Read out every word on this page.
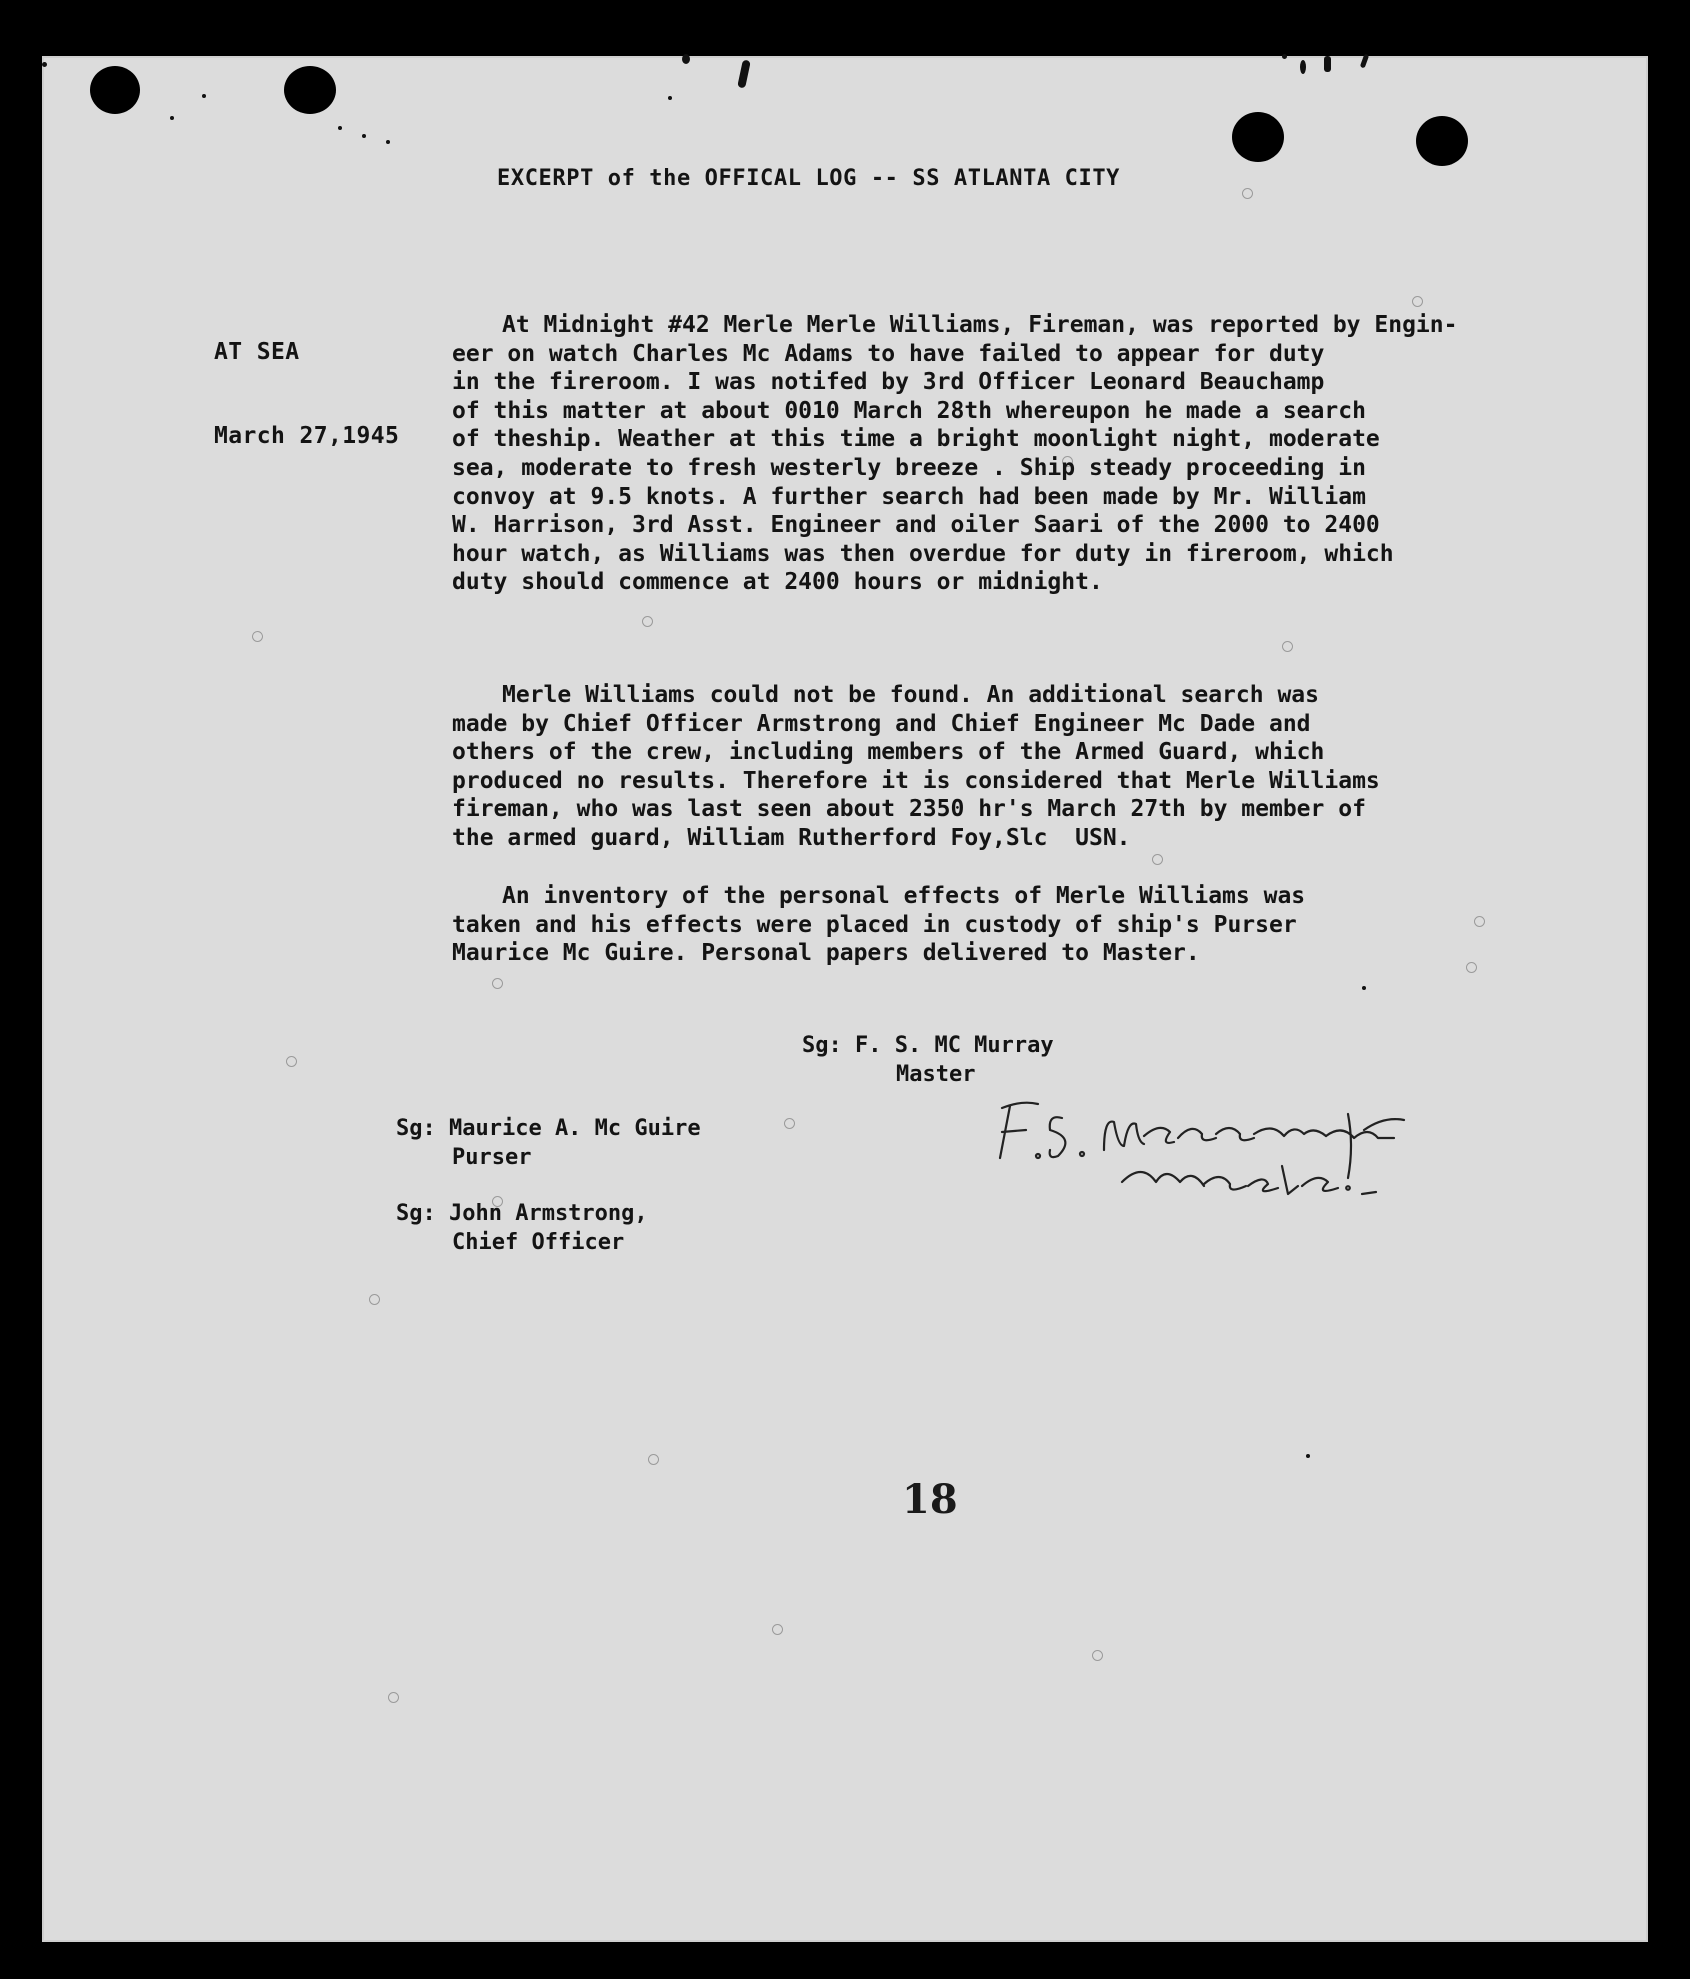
EXCERPT of the OFFICAL LOG -- SS ATLANTA CITY

AT SEA

March 27,1945

At Midnight #42 Merle Merle Williams, Fireman, was reported by Engin-
eer on watch Charles Mc Adams to have failed to appear for duty
in the fireroom. I was notifed by 3rd Officer Leonard Beauchamp
of this matter at about 0010 March 28th whereupon he made a search
of theship. Weather at this time a bright moonlight night, moderate
sea, moderate to fresh westerly breeze . Ship steady proceeding in
convoy at 9.5 knots. A further search had been made by Mr. William
W. Harrison, 3rd Asst. Engineer and oiler Saari of the 2000 to 2400
hour watch, as Williams was then overdue for duty in fireroom, which
duty should commence at 2400 hours or midnight.
Merle Williams could not be found. An additional search was
made by Chief Officer Armstrong and Chief Engineer Mc Dade and
others of the crew, including members of the Armed Guard, which
produced no results. Therefore it is considered that Merle Williams
fireman, who was last seen about 2350 hr's March 27th by member of
the armed guard, William Rutherford Foy,Slc  USN.
An inventory of the personal effects of Merle Williams was
taken and his effects were placed in custody of ship's Purser
Maurice Mc Guire. Personal papers delivered to Master.
Sg: F. S. MC Murray
Master
Sg: Maurice A. Mc Guire
Purser
Sg: John Armstrong,
Chief Officer
18
